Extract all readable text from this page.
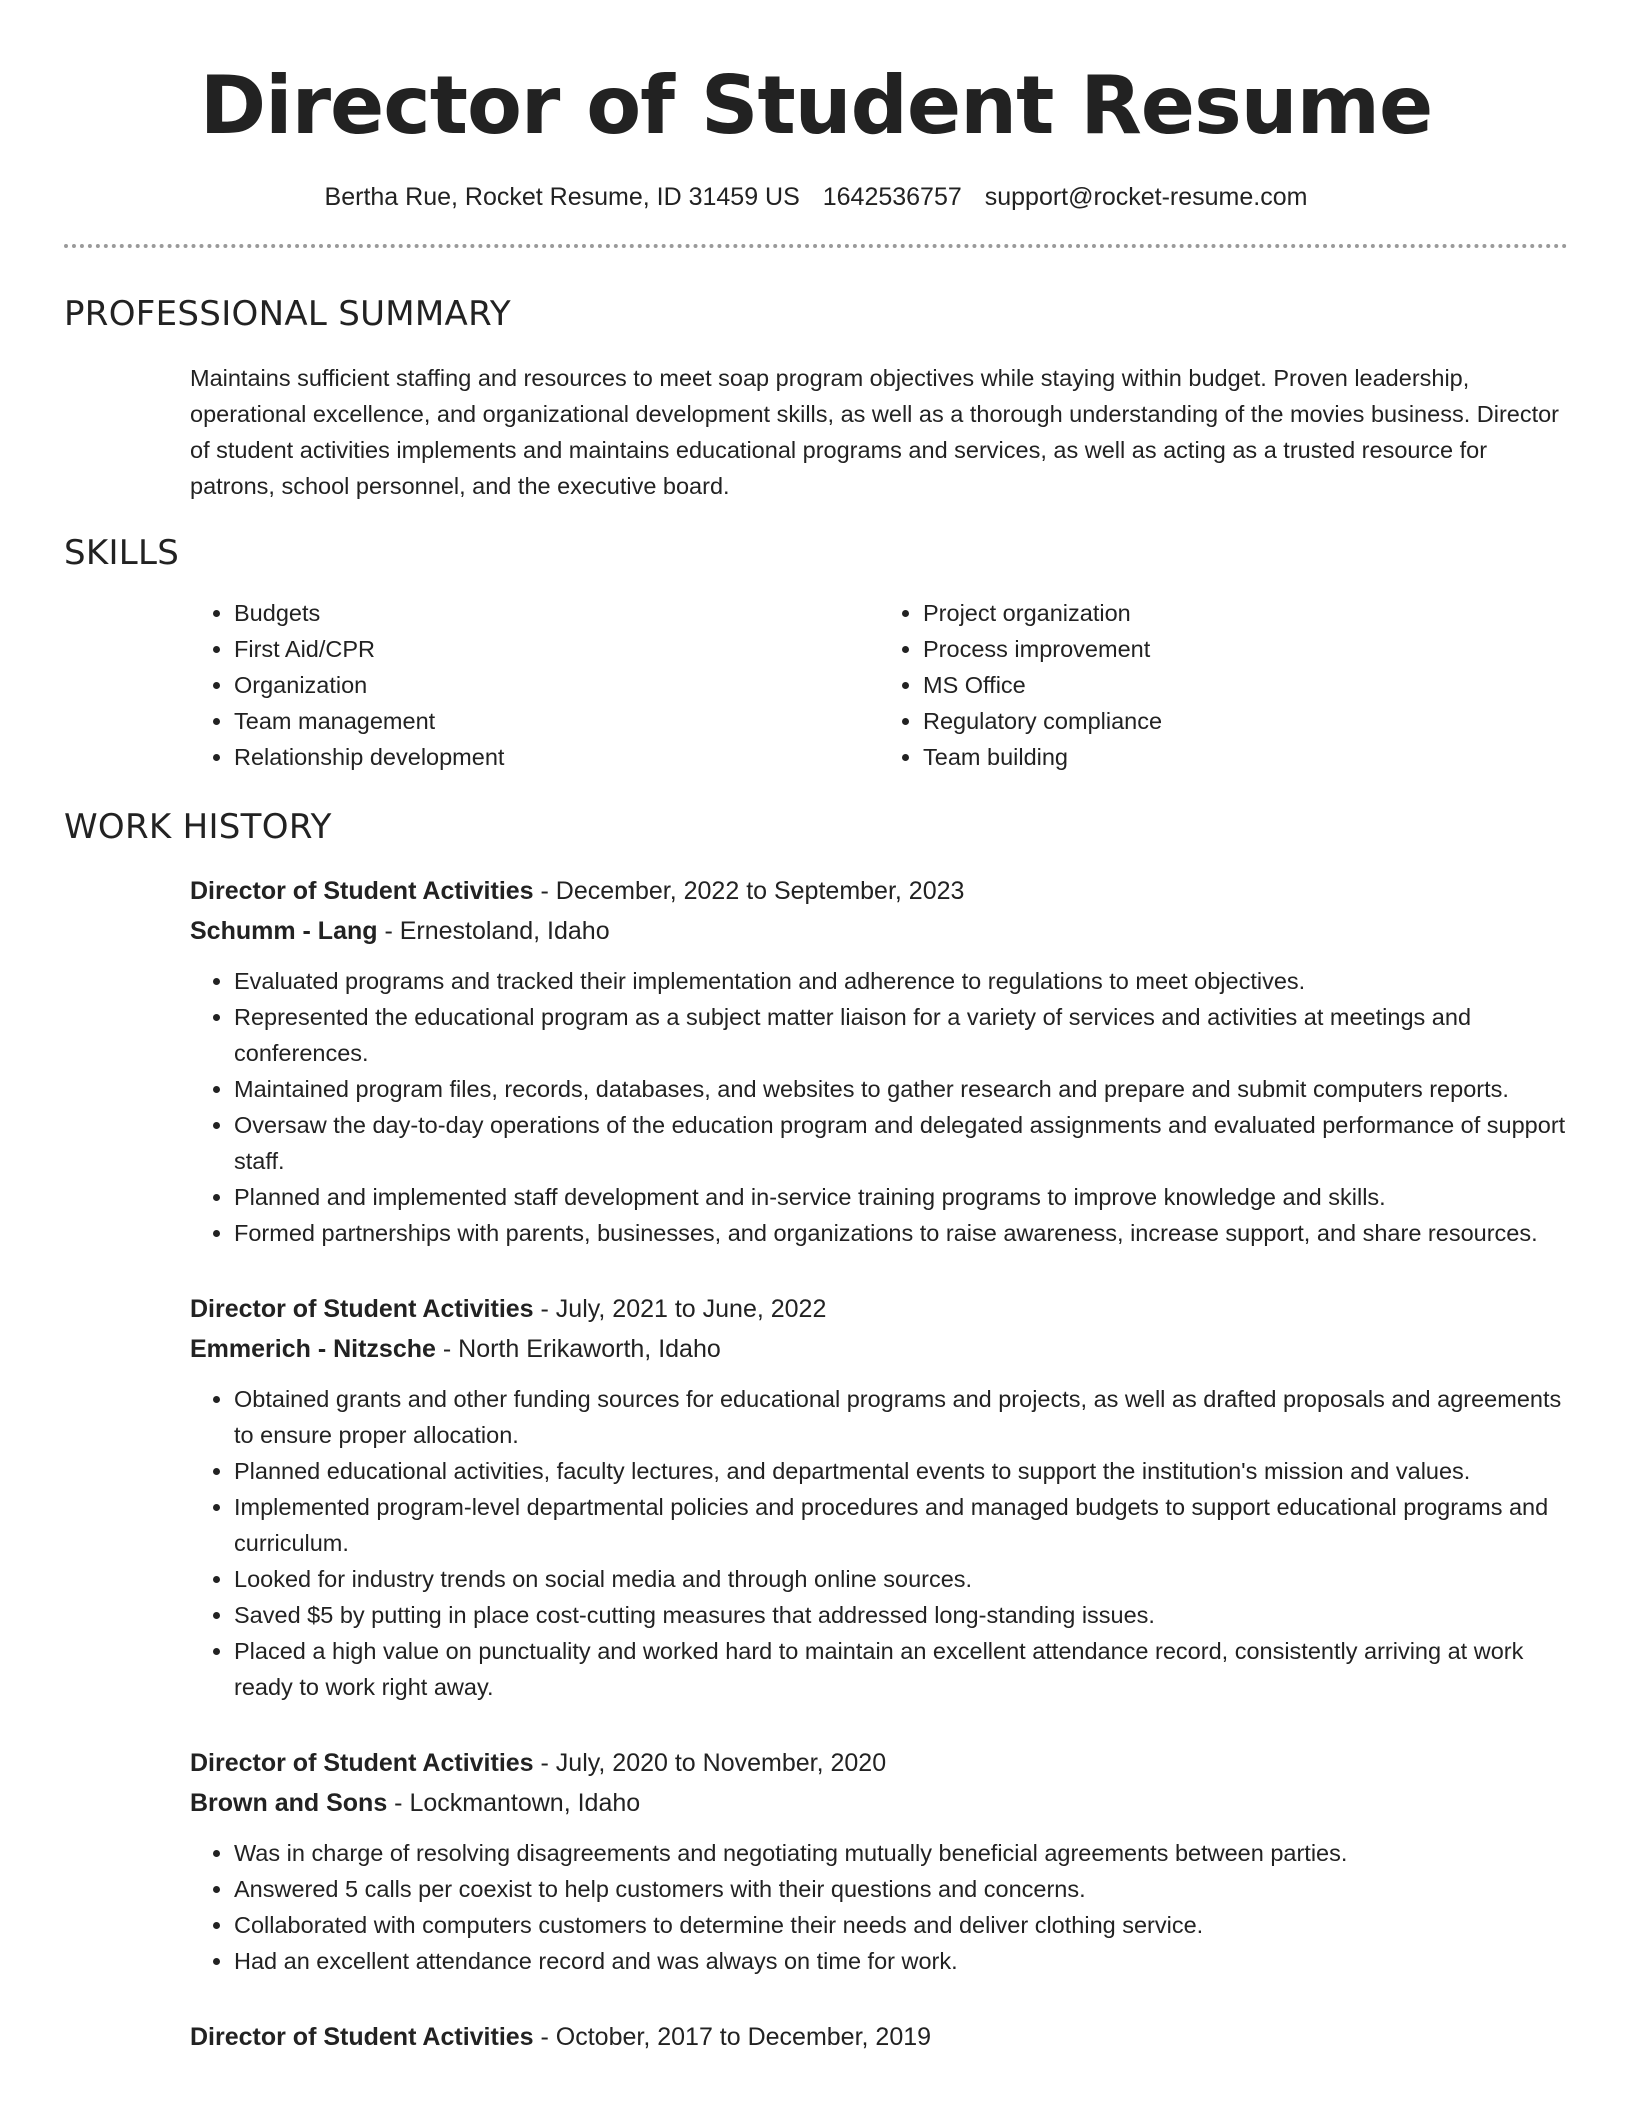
Director of Student Resume
Bertha Rue, Rocket Resume, ID 31459 US 1642536757 support@rocket-resume.com
PROFESSIONAL SUMMARY
Maintains sufficient staffing and resources to meet soap program objectives while staying within budget. Proven leadership, operational excellence, and organizational development skills, as well as a thorough understanding of the movies business. Director of student activities implements and maintains educational programs and services, as well as acting as a trusted resource for patrons, school personnel, and the executive board.
SKILLS
• Budgets
• First Aid/CPR
• Organization
• Team management
• Relationship development
• Project organization
• Process improvement
• MS Office
• Regulatory compliance
• Team building
WORK HISTORY
Director of Student Activities - December, 2022 to September, 2023
Schumm - Lang - Ernestoland, Idaho
• Evaluated programs and tracked their implementation and adherence to regulations to meet objectives.
• Represented the educational program as a subject matter liaison for a variety of services and activities at meetings and conferences.
• Maintained program files, records, databases, and websites to gather research and prepare and submit computers reports.
• Oversaw the day-to-day operations of the education program and delegated assignments and evaluated performance of support staff.
• Planned and implemented staff development and in-service training programs to improve knowledge and skills.
• Formed partnerships with parents, businesses, and organizations to raise awareness, increase support, and share resources.
Director of Student Activities - July, 2021 to June, 2022
Emmerich - Nitzsche - North Erikaworth, Idaho
• Obtained grants and other funding sources for educational programs and projects, as well as drafted proposals and agreements to ensure proper allocation.
• Planned educational activities, faculty lectures, and departmental events to support the institution's mission and values.
• Implemented program-level departmental policies and procedures and managed budgets to support educational programs and curriculum.
• Looked for industry trends on social media and through online sources.
• Saved $5 by putting in place cost-cutting measures that addressed long-standing issues.
• Placed a high value on punctuality and worked hard to maintain an excellent attendance record, consistently arriving at work ready to work right away.
Director of Student Activities - July, 2020 to November, 2020
Brown and Sons - Lockmantown, Idaho
• Was in charge of resolving disagreements and negotiating mutually beneficial agreements between parties.
• Answered 5 calls per coexist to help customers with their questions and concerns.
• Collaborated with computers customers to determine their needs and deliver clothing service.
• Had an excellent attendance record and was always on time for work.
Director of Student Activities - October, 2017 to December, 2019
